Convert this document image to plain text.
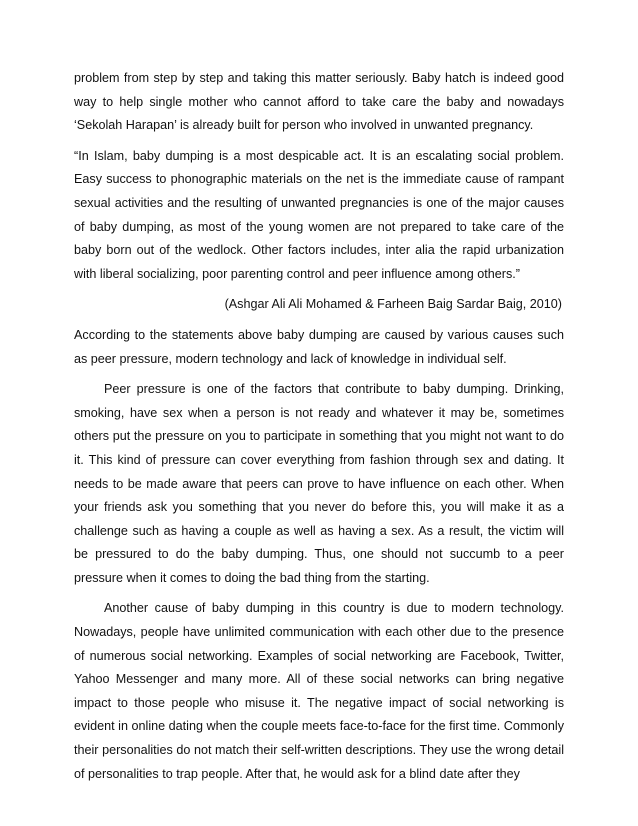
problem from step by step and taking this matter seriously. Baby hatch is indeed good way to help single mother who cannot afford to take care the baby and nowadays ‘Sekolah Harapan’ is already built for person who involved in unwanted pregnancy.

“In Islam, baby dumping is a most despicable act. It is an escalating social problem. Easy success to phonographic materials on the net is the immediate cause of rampant sexual activities and the resulting of unwanted pregnancies is one of the major causes of baby dumping, as most of the young women are not prepared to take care of the baby born out of the wedlock. Other factors includes, inter alia the rapid urbanization with liberal socializing, poor parenting control and peer influence among others.”

(Ashgar Ali Ali Mohamed & Farheen Baig Sardar Baig, 2010)

According to the statements above baby dumping are caused by various causes such as peer pressure, modern technology and lack of knowledge in individual self.

Peer pressure is one of the factors that contribute to baby dumping. Drinking, smoking, have sex when a person is not ready and whatever it may be, sometimes others put the pressure on you to participate in something that you might not want to do it. This kind of pressure can cover everything from fashion through sex and dating. It needs to be made aware that peers can prove to have influence on each other. When your friends ask you something that you never do before this, you will make it as a challenge such as having a couple as well as having a sex. As a result, the victim will be pressured to do the baby dumping. Thus, one should not succumb to a peer pressure when it comes to doing the bad thing from the starting.

Another cause of baby dumping in this country is due to modern technology. Nowadays, people have unlimited communication with each other due to the presence of numerous social networking. Examples of social networking are Facebook, Twitter, Yahoo Messenger and many more. All of these social networks can bring negative impact to those people who misuse it. The negative impact of social networking is evident in online dating when the couple meets face-to-face for the first time. Commonly their personalities do not match their self-written descriptions. They use the wrong detail of personalities to trap people. After that, he would ask for a blind date after they
